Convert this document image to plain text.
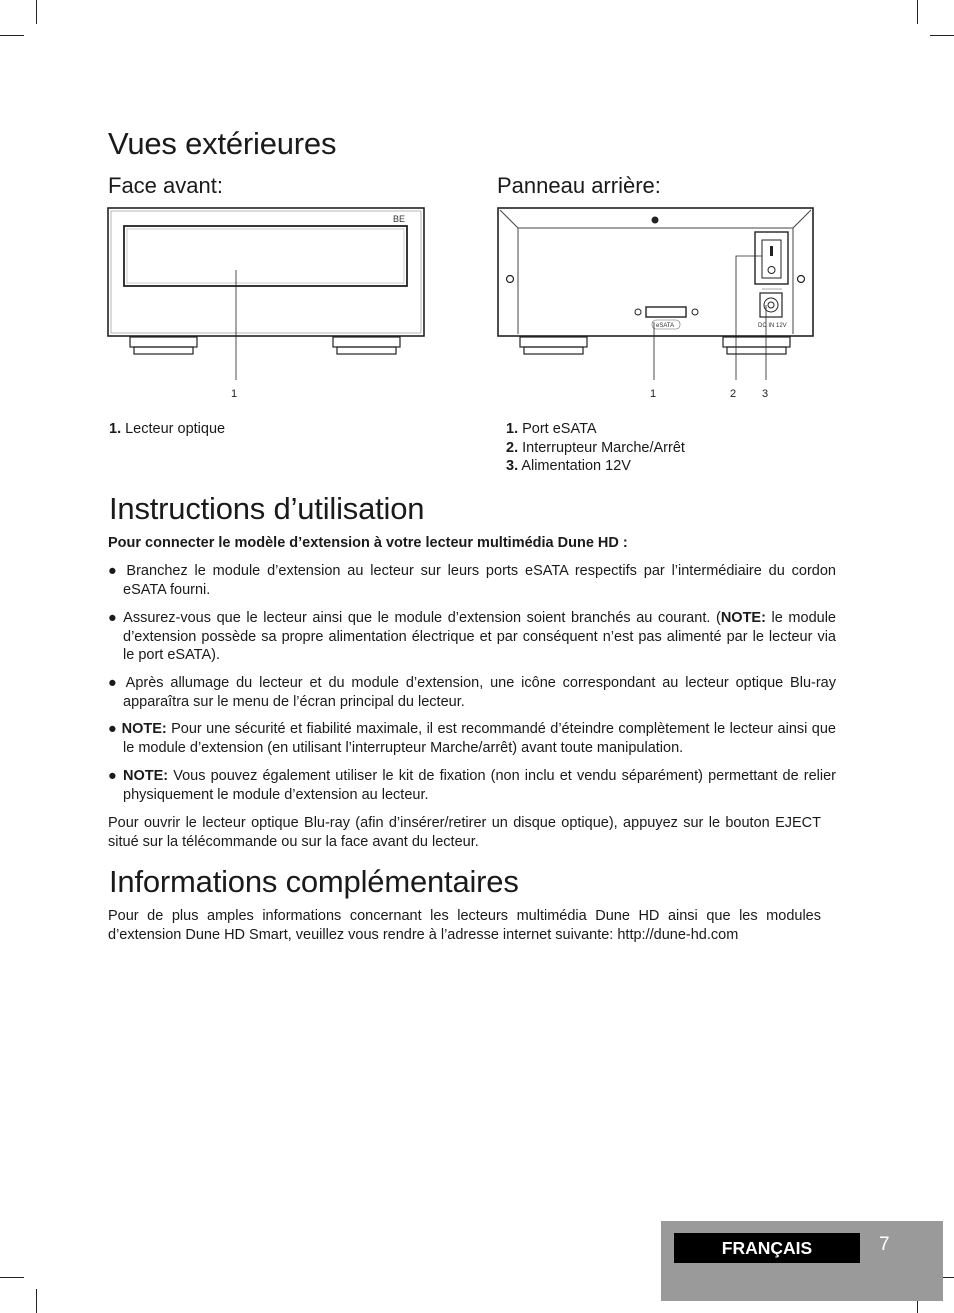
Vues extérieures
Face avant:	Panneau arrière:
BE
1
eSATA	DC IN 12V
1	2 3
1. Lecteur optique	1. Port eSATA
2. Interrupteur Marche/Arrêt
3. Alimentation 12V
Instructions d’utilisation

Pour connecter le modèle d’extension à votre lecteur multimédia Dune HD :

● Branchez le module d’extension au lecteur sur leurs ports eSATA respectifs par l’intermédiaire du cordon eSATA fourni.

● Assurez-vous que le lecteur ainsi que le module d’extension soient branchés au courant. (NOTE: le module d’extension possède sa propre alimentation électrique et par conséquent n’est pas alimenté par le lecteur via le port eSATA).

● Après allumage du lecteur et du module d’extension, une icône correspondant au lecteur optique Blu-ray apparaîtra sur le menu de l’écran principal du lecteur.

● NOTE: Pour une sécurité et fiabilité maximale, il est recommandé d’éteindre complètement le lecteur ainsi que le module d’extension (en utilisant l’interrupteur Marche/arrêt) avant toute manipulation.

● NOTE: Vous pouvez également utiliser le kit de fixation (non inclu et vendu séparément) permettant de relier physiquement le module d’extension au lecteur.

Pour ouvrir le lecteur optique Blu-ray (afin d’insérer/retirer un disque optique), appuyez sur le bouton EJECT situé sur la télécommande ou sur la face avant du lecteur.

Informations complémentaires

Pour de plus amples informations concernant les lecteurs multimédia Dune HD ainsi que les modules d’extension Dune HD Smart, veuillez vous rendre à l’adresse internet suivante: http://dune-hd.com

FRANÇAIS	7
